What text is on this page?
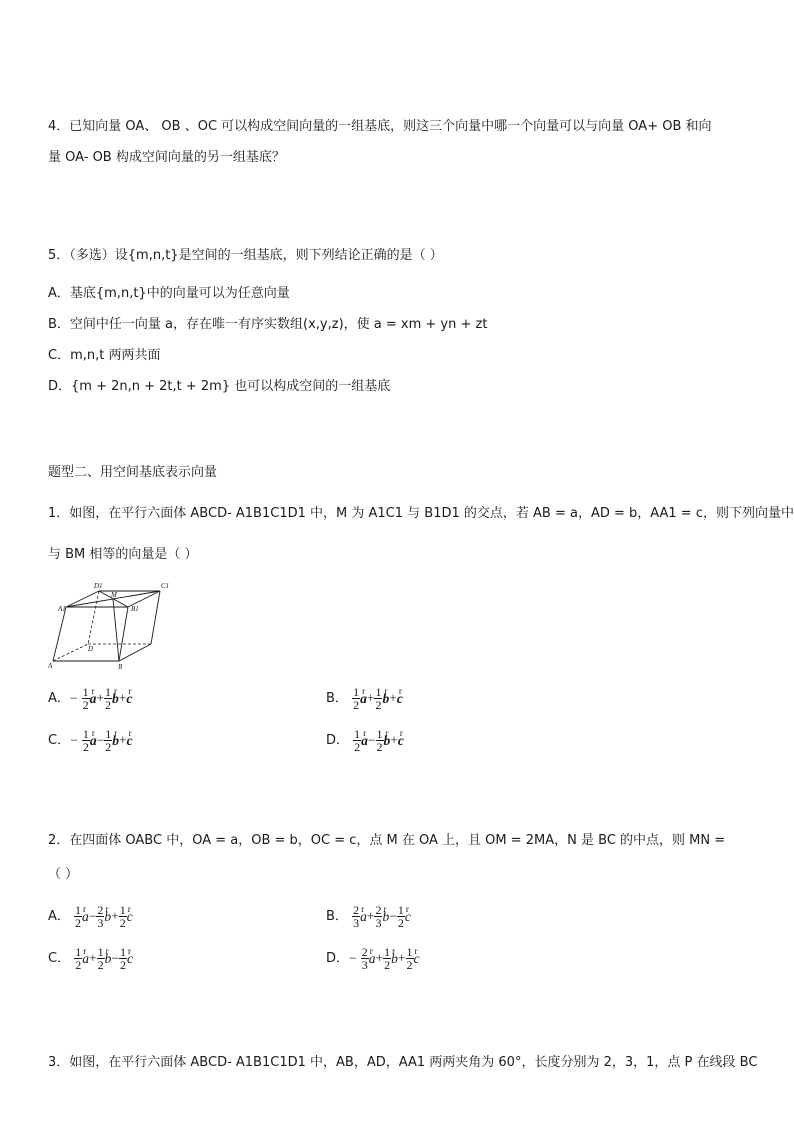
4．已知向量 OA、 OB 、OC 可以构成空间向量的一组基底，则这三个向量中哪一个向量可以与向量 OA+ OB 和向
量 OA- OB 构成空间向量的另一组基底？
5．（多选）设{m,n,t}是空间的一组基底，则下列结论正确的是（ ）
A．基底{m,n,t}中的向量可以为任意向量
B．空间中任一向量 a，存在唯一有序实数组(x,y,z)，使 a = xm + yn + zt
C．m,n,t 两两共面
D．{m + 2n,n + 2t,t + 2m} 也可以构成空间的一组基底
题型二、用空间基底表示向量
1．如图，在平行六面体 ABCD- A1B1C1D1 中，M 为 A1C1 与 B1D1 的交点，若 AB = a，AD = b，AA1 = c，则下列向量中
与 BM 相等的向量是（ ）
D1	C1
A1	B1
M
D
A	B
A．− $\frac{1}{2}$ r $a+ \frac{1}{2}$ r b+r c	B． $\frac{1}{2}$ r $a+ \frac{1}{2}$ r b+r c
C．− $\frac{1}{2}$ r $a- \frac{1}{2}$ r b+r c	D． $\frac{1}{2}$ r $a- \frac{1}{2}$ r b+r c
2．在四面体 OABC 中，OA = a，OB = b，OC = c，点 M 在 OA 上，且 OM = 2MA，N 是 BC 的中点，则 MN =
（ ）
A． $\frac{1}{2}$ r $a- \frac{2}{3}$ r $b+ \frac{1}{2}$ r c	B． $\frac{2}{3}$ r $a+ \frac{2}{3}$ r $b- \frac{1}{2}$ r c
C． $\frac{1}{2}$ r $a+ \frac{1}{2}$ r $b- \frac{1}{2}$ r c	D．− $\frac{2}{3}$ r $a+ \frac{1}{2}$ r $b+ \frac{1}{2}$ r c
3．如图，在平行六面体 ABCD- A1B1C1D1 中，AB，AD，AA1 两两夹角为 60°，长度分别为 2，3，1，点 P 在线段 BC
